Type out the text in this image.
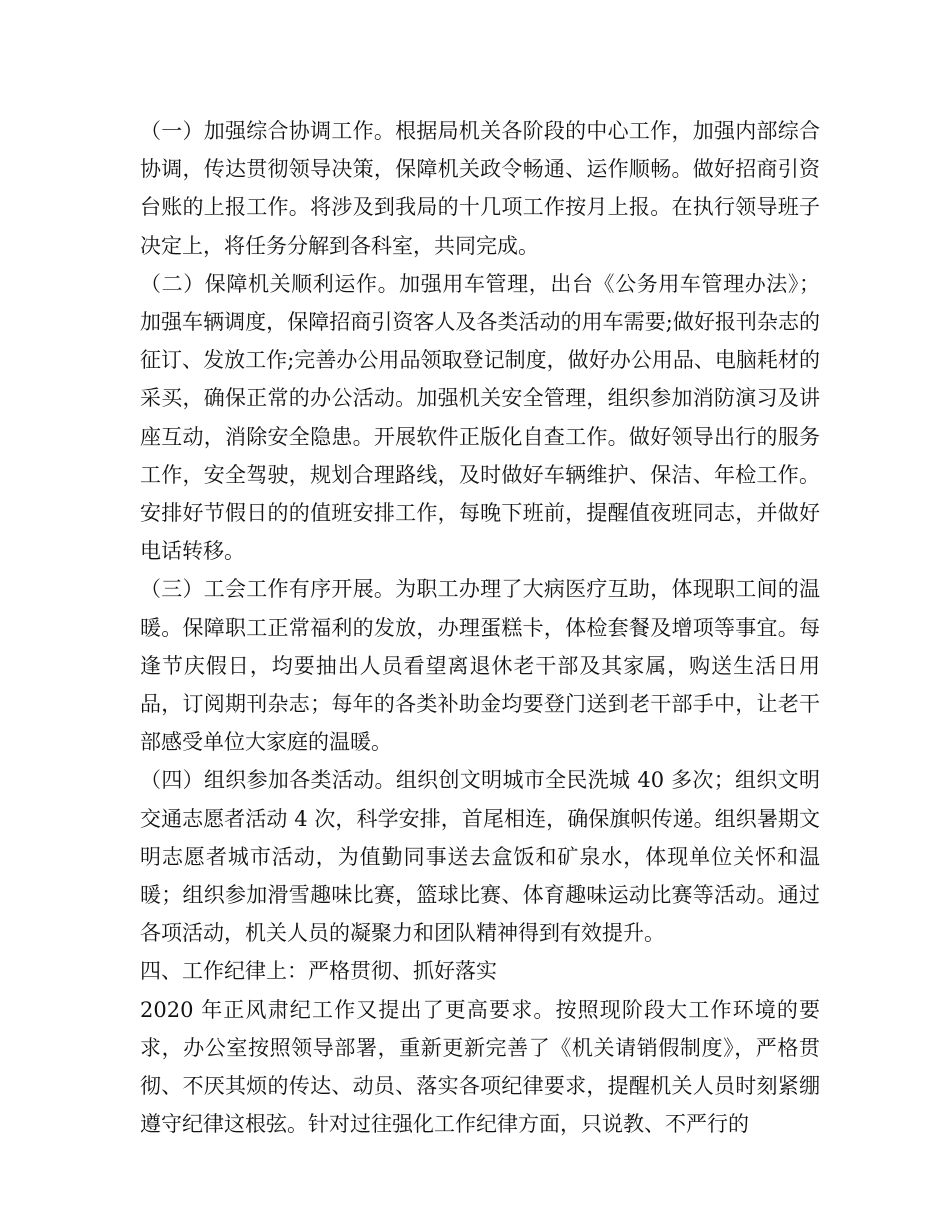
（一）加强综合协调工作。根据局机关各阶段的中心工作，加强内部综合协调，传达贯彻领导决策，保障机关政令畅通、运作顺畅。做好招商引资台账的上报工作。将涉及到我局的十几项工作按月上报。在执行领导班子决定上，将任务分解到各科室，共同完成。

（二）保障机关顺利运作。加强用车管理，出台《公务用车管理办法》；加强车辆调度，保障招商引资客人及各类活动的用车需要;做好报刊杂志的征订、发放工作;完善办公用品领取登记制度，做好办公用品、电脑耗材的采买，确保正常的办公活动。加强机关安全管理，组织参加消防演习及讲座互动，消除安全隐患。开展软件正版化自查工作。做好领导出行的服务工作，安全驾驶，规划合理路线，及时做好车辆维护、保洁、年检工作。安排好节假日的的值班安排工作，每晚下班前，提醒值夜班同志，并做好电话转移。

（三）工会工作有序开展。为职工办理了大病医疗互助，体现职工间的温暖。保障职工正常福利的发放，办理蛋糕卡，体检套餐及增项等事宜。每逢节庆假日，均要抽出人员看望离退休老干部及其家属，购送生活日用品，订阅期刊杂志；每年的各类补助金均要登门送到老干部手中，让老干部感受单位大家庭的温暖。

（四）组织参加各类活动。组织创文明城市全民洗城 40 多次；组织文明交通志愿者活动 4 次，科学安排，首尾相连，确保旗帜传递。组织暑期文明志愿者城市活动，为值勤同事送去盒饭和矿泉水，体现单位关怀和温暖；组织参加滑雪趣味比赛，篮球比赛、体育趣味运动比赛等活动。通过各项活动，机关人员的凝聚力和团队精神得到有效提升。

四、工作纪律上：严格贯彻、抓好落实

2020 年正风肃纪工作又提出了更高要求。按照现阶段大工作环境的要求，办公室按照领导部署，重新更新完善了《机关请销假制度》，严格贯彻、不厌其烦的传达、动员、落实各项纪律要求，提醒机关人员时刻紧绷遵守纪律这根弦。针对过往强化工作纪律方面，只说教、不严行的
